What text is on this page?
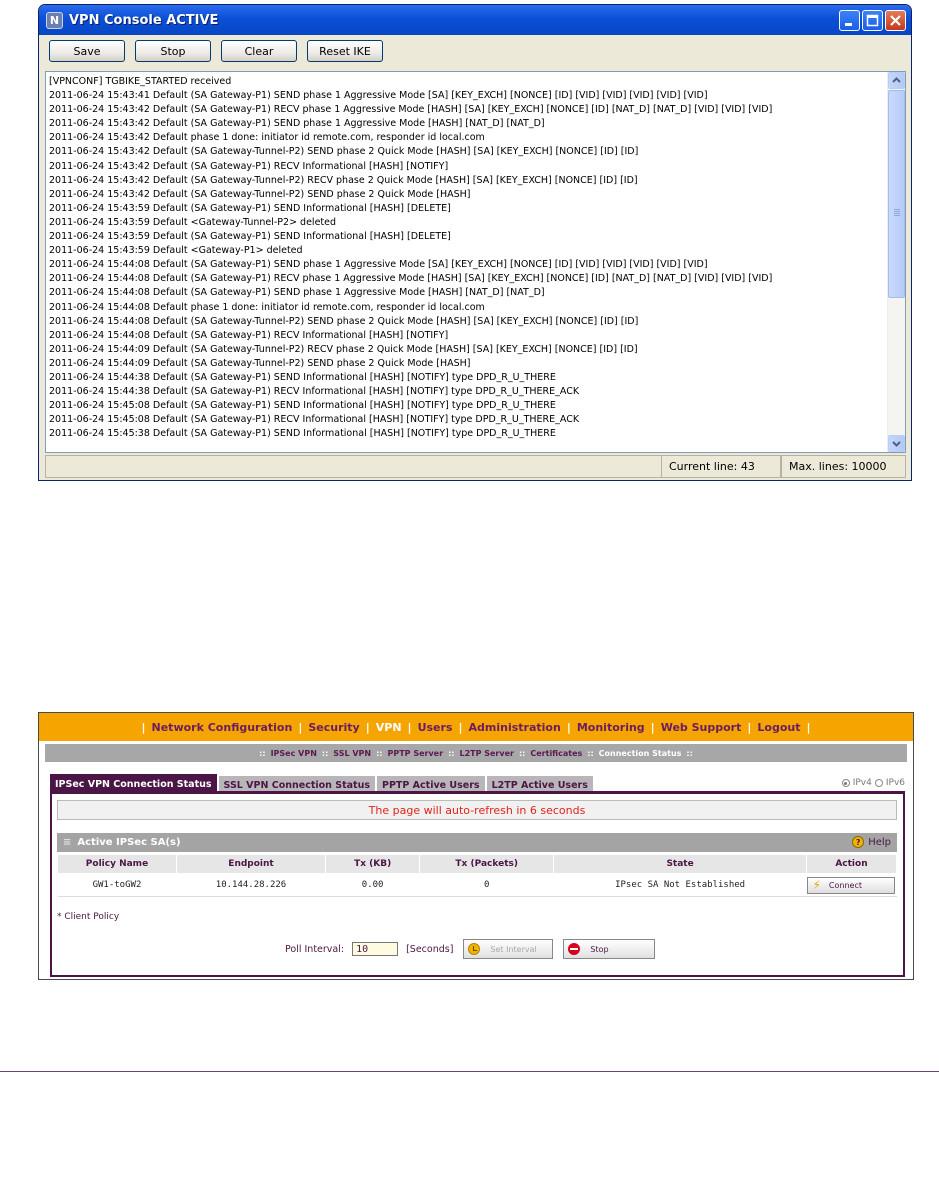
N VPN Console ACTIVE
Save	Stop	Clear	Reset IKE
[VPNCONF] TGBIKE_STARTED received
2011-06-24 15:43:41 Default (SA Gateway-P1) SEND phase 1 Aggressive Mode [SA] [KEY_EXCH] [NONCE] [ID] [VID] [VID] [VID] [VID] [VID]
2011-06-24 15:43:42 Default (SA Gateway-P1) RECV phase 1 Aggressive Mode [HASH] [SA] [KEY_EXCH] [NONCE] [ID] [NAT_D] [NAT_D] [VID] [VID] [VID]
2011-06-24 15:43:42 Default (SA Gateway-P1) SEND phase 1 Aggressive Mode [HASH] [NAT_D] [NAT_D]
2011-06-24 15:43:42 Default phase 1 done: initiator id remote.com, responder id local.com
2011-06-24 15:43:42 Default (SA Gateway-Tunnel-P2) SEND phase 2 Quick Mode [HASH] [SA] [KEY_EXCH] [NONCE] [ID] [ID]
2011-06-24 15:43:42 Default (SA Gateway-P1) RECV Informational [HASH] [NOTIFY]
2011-06-24 15:43:42 Default (SA Gateway-Tunnel-P2) RECV phase 2 Quick Mode [HASH] [SA] [KEY_EXCH] [NONCE] [ID] [ID]
2011-06-24 15:43:42 Default (SA Gateway-Tunnel-P2) SEND phase 2 Quick Mode [HASH]
2011-06-24 15:43:59 Default (SA Gateway-P1) SEND Informational [HASH] [DELETE]
2011-06-24 15:43:59 Default <Gateway-Tunnel-P2> deleted
2011-06-24 15:43:59 Default (SA Gateway-P1) SEND Informational [HASH] [DELETE]
2011-06-24 15:43:59 Default <Gateway-P1> deleted
2011-06-24 15:44:08 Default (SA Gateway-P1) SEND phase 1 Aggressive Mode [SA] [KEY_EXCH] [NONCE] [ID] [VID] [VID] [VID] [VID] [VID]
2011-06-24 15:44:08 Default (SA Gateway-P1) RECV phase 1 Aggressive Mode [HASH] [SA] [KEY_EXCH] [NONCE] [ID] [NAT_D] [NAT_D] [VID] [VID] [VID]
2011-06-24 15:44:08 Default (SA Gateway-P1) SEND phase 1 Aggressive Mode [HASH] [NAT_D] [NAT_D]
2011-06-24 15:44:08 Default phase 1 done: initiator id remote.com, responder id local.com
2011-06-24 15:44:08 Default (SA Gateway-Tunnel-P2) SEND phase 2 Quick Mode [HASH] [SA] [KEY_EXCH] [NONCE] [ID] [ID]
2011-06-24 15:44:08 Default (SA Gateway-P1) RECV Informational [HASH] [NOTIFY]
2011-06-24 15:44:09 Default (SA Gateway-Tunnel-P2) RECV phase 2 Quick Mode [HASH] [SA] [KEY_EXCH] [NONCE] [ID] [ID]
2011-06-24 15:44:09 Default (SA Gateway-Tunnel-P2) SEND phase 2 Quick Mode [HASH]
2011-06-24 15:44:38 Default (SA Gateway-P1) SEND Informational [HASH] [NOTIFY] type DPD_R_U_THERE
2011-06-24 15:44:38 Default (SA Gateway-P1) RECV Informational [HASH] [NOTIFY] type DPD_R_U_THERE_ACK
2011-06-24 15:45:08 Default (SA Gateway-P1) SEND Informational [HASH] [NOTIFY] type DPD_R_U_THERE
2011-06-24 15:45:08 Default (SA Gateway-P1) RECV Informational [HASH] [NOTIFY] type DPD_R_U_THERE_ACK
2011-06-24 15:45:38 Default (SA Gateway-P1) SEND Informational [HASH] [NOTIFY] type DPD_R_U_THERE
Current line: 43	Max. lines: 10000
| Network Configuration | Security | VPN | Users | Administration | Monitoring | Web Support | Logout |
:: IPSec VPN :: SSL VPN :: PPTP Server :: L2TP Server :: Certificates :: Connection Status ::
IPSec VPN Connection Status	SSL VPN Connection Status	PPTP Active Users	L2TP Active Users	IPv4 IPv6
The page will auto-refresh in 6 seconds
≡ Active IPSec SA(s)	? Help
Policy Name	Endpoint	Tx (KB)	Tx (Packets)	State	Action
GW1-toGW2	10.144.28.226	0.00	0	IPsec SA Not Established	⚡ Connect
* Client Policy
Poll Interval:	10	[Seconds]	Set Interval	Stop
